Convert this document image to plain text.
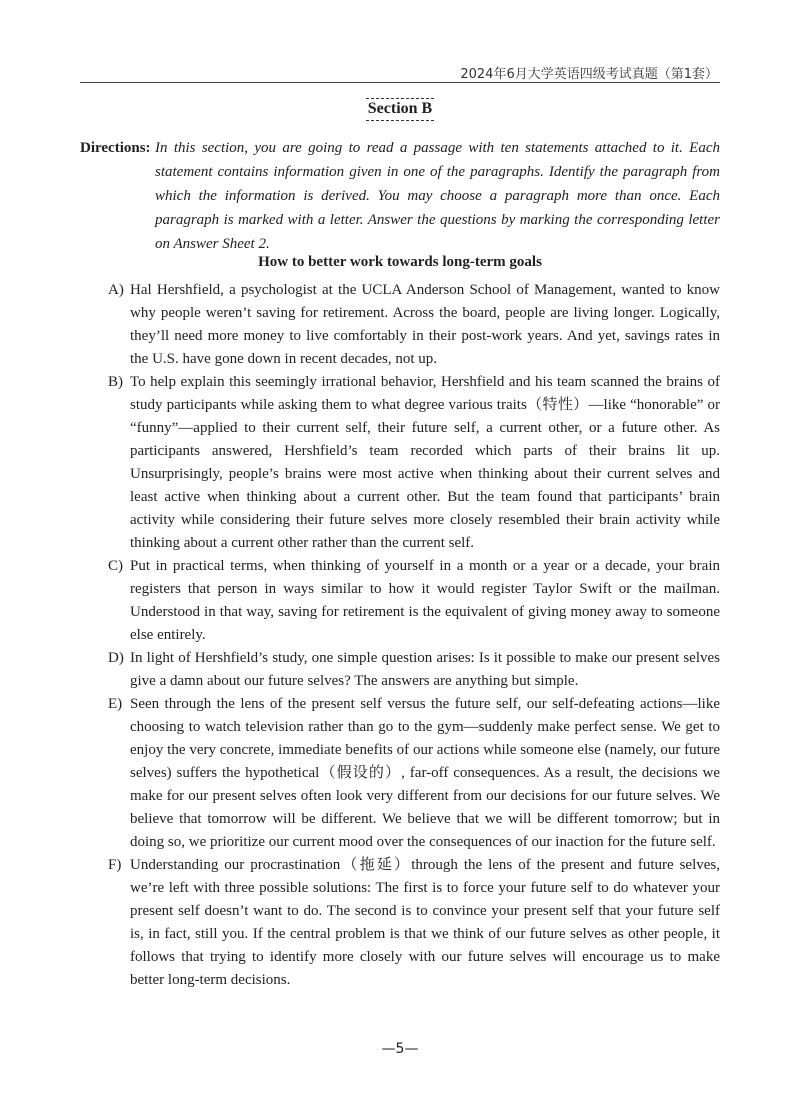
2024年6月大学英语四级考试真题（第1套）
Section B
Directions: In this section, you are going to read a passage with ten statements attached to it. Each statement contains information given in one of the paragraphs. Identify the paragraph from which the information is derived. You may choose a paragraph more than once. Each paragraph is marked with a letter. Answer the questions by marking the corresponding letter on Answer Sheet 2.
How to better work towards long-term goals
A) Hal Hershfield, a psychologist at the UCLA Anderson School of Management, wanted to know why people weren’t saving for retirement. Across the board, people are living longer. Logically, they’ll need more money to live comfortably in their post-work years. And yet, savings rates in the U.S. have gone down in recent decades, not up.
B) To help explain this seemingly irrational behavior, Hershfield and his team scanned the brains of study participants while asking them to what degree various traits（特性）—like “honorable” or “funny”—applied to their current self, their future self, a current other, or a future other. As participants answered, Hershfield’s team recorded which parts of their brains lit up. Unsurprisingly, people’s brains were most active when thinking about their current selves and least active when thinking about a current other. But the team found that participants’ brain activity while considering their future selves more closely resembled their brain activity while thinking about a current other rather than the current self.
C) Put in practical terms, when thinking of yourself in a month or a year or a decade, your brain registers that person in ways similar to how it would register Taylor Swift or the mailman. Understood in that way, saving for retirement is the equivalent of giving money away to someone else entirely.
D) In light of Hershfield’s study, one simple question arises: Is it possible to make our present selves give a damn about our future selves? The answers are anything but simple.
E) Seen through the lens of the present self versus the future self, our self-defeating actions—like choosing to watch television rather than go to the gym—suddenly make perfect sense. We get to enjoy the very concrete, immediate benefits of our actions while someone else (namely, our future selves) suffers the hypothetical（假设的）, far-off consequences. As a result, the decisions we make for our present selves often look very different from our decisions for our future selves. We believe that tomorrow will be different. We believe that we will be different tomorrow; but in doing so, we prioritize our current mood over the consequences of our inaction for the future self.
F) Understanding our procrastination（拖延）through the lens of the present and future selves, we’re left with three possible solutions: The first is to force your future self to do whatever your present self doesn’t want to do. The second is to convince your present self that your future self is, in fact, still you. If the central problem is that we think of our future selves as other people, it follows that trying to identify more closely with our future selves will encourage us to make better long-term decisions.
—5—
